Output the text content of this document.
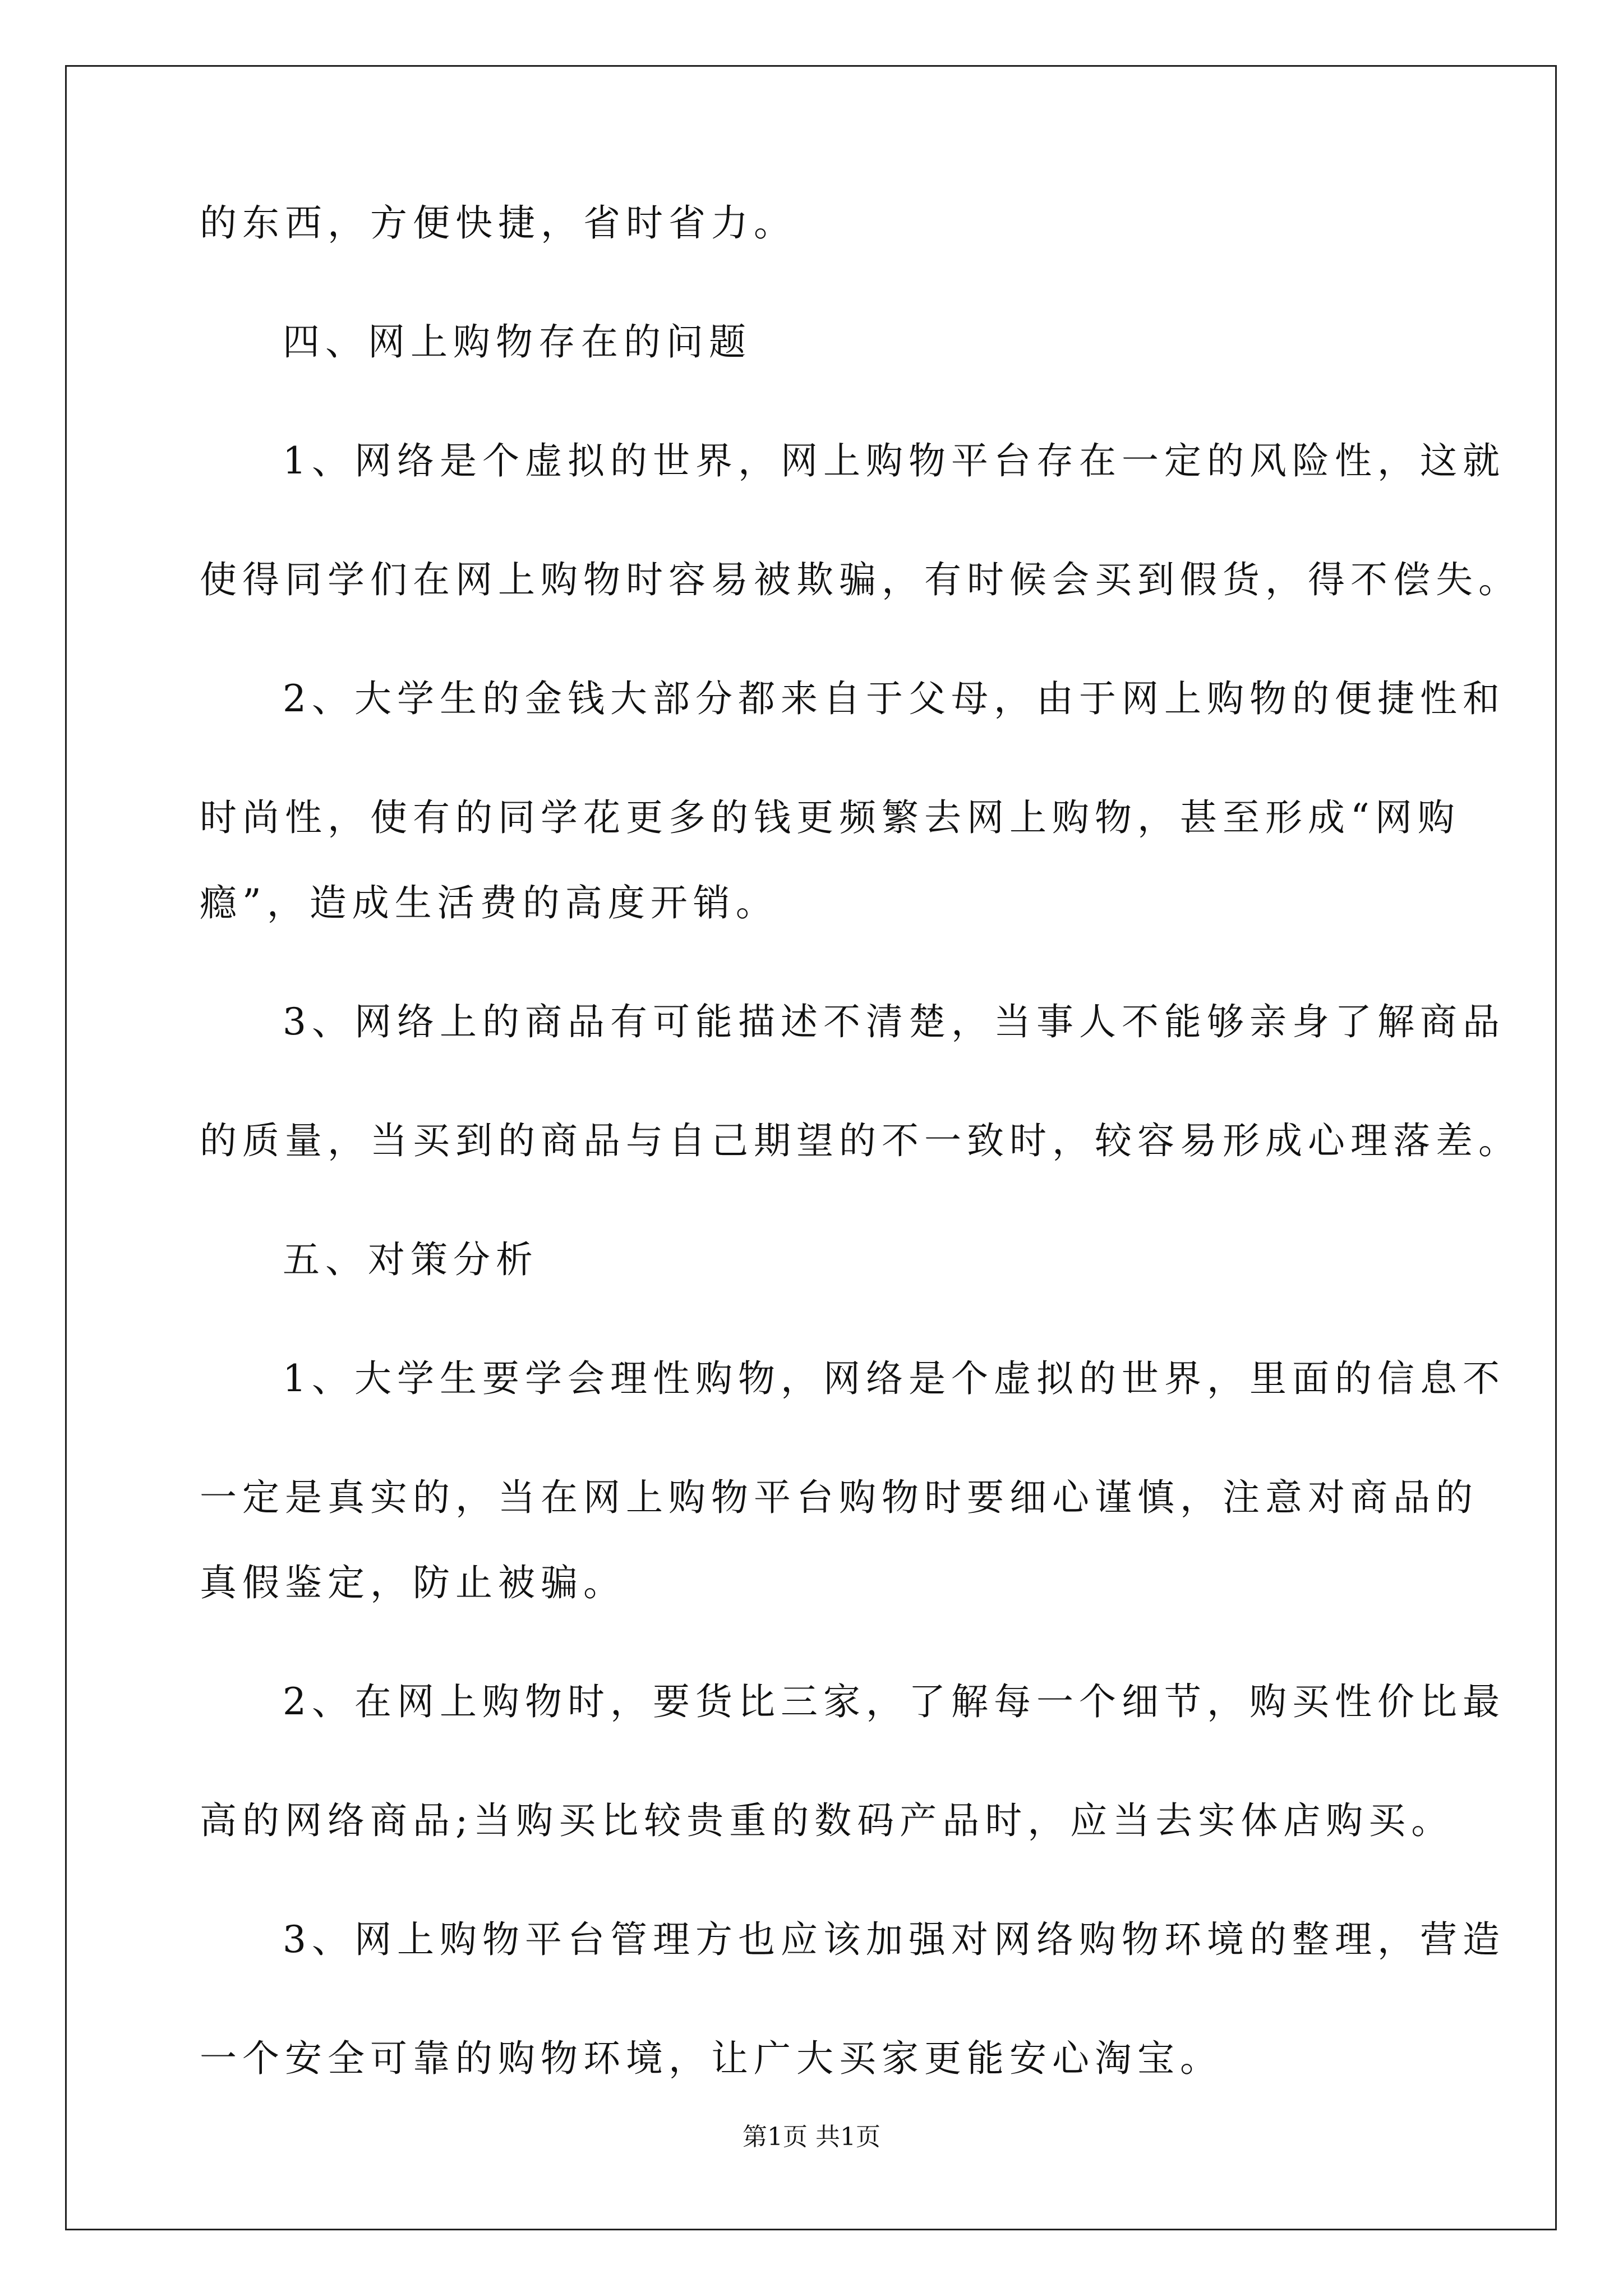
的东西，方便快捷，省时省力。
四、网上购物存在的问题
1、网络是个虚拟的世界，网上购物平台存在一定的风险性，这就
使得同学们在网上购物时容易被欺骗，有时候会买到假货，得不偿失。
2、大学生的金钱大部分都来自于父母，由于网上购物的便捷性和
时尚性，使有的同学花更多的钱更频繁去网上购物，甚至形成“网购
瘾”，造成生活费的高度开销。
3、网络上的商品有可能描述不清楚，当事人不能够亲身了解商品
的质量，当买到的商品与自己期望的不一致时，较容易形成心理落差。
五、对策分析
1、大学生要学会理性购物，网络是个虚拟的世界，里面的信息不
一定是真实的，当在网上购物平台购物时要细心谨慎，注意对商品的
真假鉴定，防止被骗。
2、在网上购物时，要货比三家，了解每一个细节，购买性价比最
高的网络商品;当购买比较贵重的数码产品时，应当去实体店购买。
3、网上购物平台管理方也应该加强对网络购物环境的整理，营造
一个安全可靠的购物环境，让广大买家更能安心淘宝。
第1页 共1页
